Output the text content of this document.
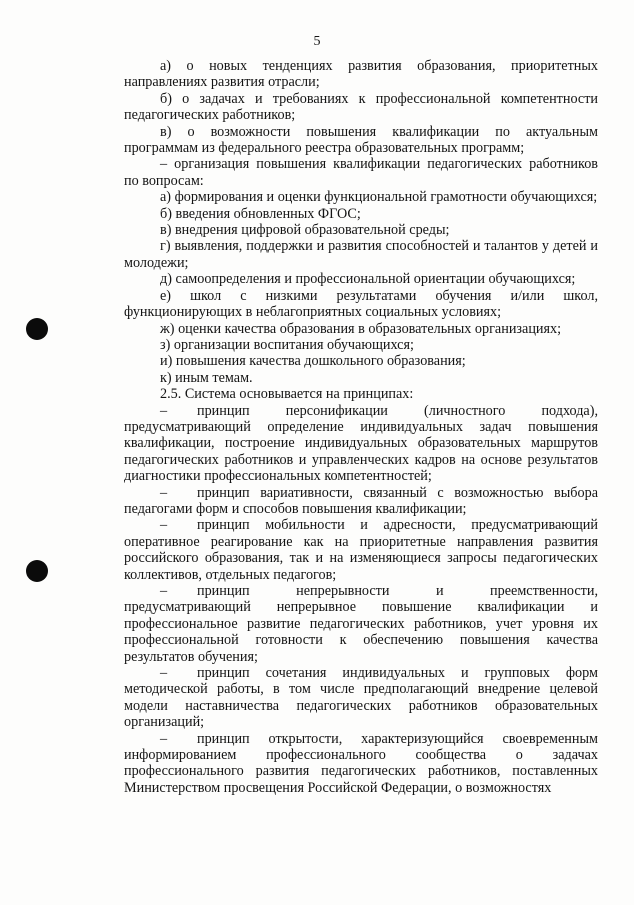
5

а) о новых тенденциях развития образования, приоритетных направлениях развития отрасли;

б) о задачах и требованиях к профессиональной компетентности педагогических работников;

в) о возможности повышения квалификации по актуальным программам из федерального реестра образовательных программ;

– организация повышения квалификации педагогических работников по вопросам:

а) формирования и оценки функциональной грамотности обучающихся;

б) введения обновленных ФГОС;

в) внедрения цифровой образовательной среды;

г) выявления, поддержки и развития способностей и талантов у детей и молодежи;

д) самоопределения и профессиональной ориентации обучающихся;

е) школ с низкими результатами обучения и/или школ, функционирующих в неблагоприятных социальных условиях;

ж) оценки качества образования в образовательных организациях;

з) организации воспитания обучающихся;

и) повышения качества дошкольного образования;

к) иным темам.

2.5. Система основывается на принципах:

– принцип персонификации (личностного подхода), предусматривающий определение индивидуальных задач повышения квалификации, построение индивидуальных образовательных маршрутов педагогических работников и управленческих кадров на основе результатов диагностики профессиональных компетентностей;

– принцип вариативности, связанный с возможностью выбора педагогами форм и способов повышения квалификации;

– принцип мобильности и адресности, предусматривающий оперативное реагирование как на приоритетные направления развития российского образования, так и на изменяющиеся запросы педагогических коллективов, отдельных педагогов;

– принцип непрерывности и преемственности, предусматривающий непрерывное повышение квалификации и профессиональное развитие педагогических работников, учет уровня их профессиональной готовности к обеспечению повышения качества результатов обучения;

– принцип сочетания индивидуальных и групповых форм методической работы, в том числе предполагающий внедрение целевой модели наставничества педагогических работников образовательных организаций;

– принцип открытости, характеризующийся своевременным информированием профессионального сообщества о задачах профессионального развития педагогических работников, поставленных Министерством просвещения Российской Федерации, о возможностях
